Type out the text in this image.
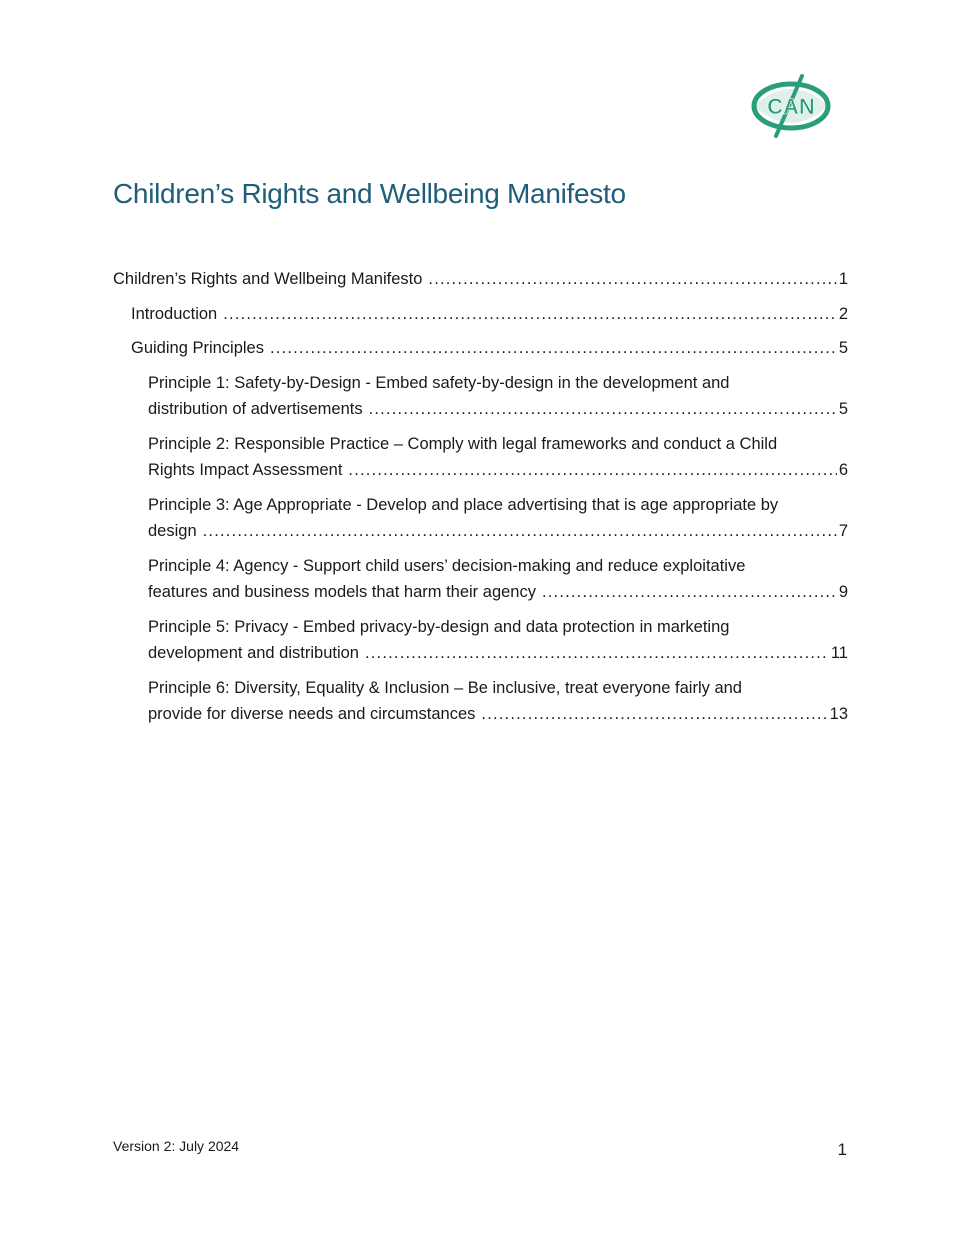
CAN
Children’s Rights and Wellbeing Manifesto
Children’s Rights and Wellbeing Manifesto .....	1
Introduction .....	2
Guiding Principles .....	5
Principle 1: Safety-by-Design - Embed safety-by-design in the development and
distribution of advertisements .....	5
Principle 2: Responsible Practice – Comply with legal frameworks and conduct a Child
Rights Impact Assessment .....	6
Principle 3: Age Appropriate - Develop and place advertising that is age appropriate by
design .....	7
Principle 4: Agency - Support child users’ decision-making and reduce exploitative
features and business models that harm their agency .....	9
Principle 5: Privacy - Embed privacy-by-design and data protection in marketing
development and distribution .....	11
Principle 6: Diversity, Equality & Inclusion – Be inclusive, treat everyone fairly and
provide for diverse needs and circumstances .....	13
Version 2: July 2024	1
